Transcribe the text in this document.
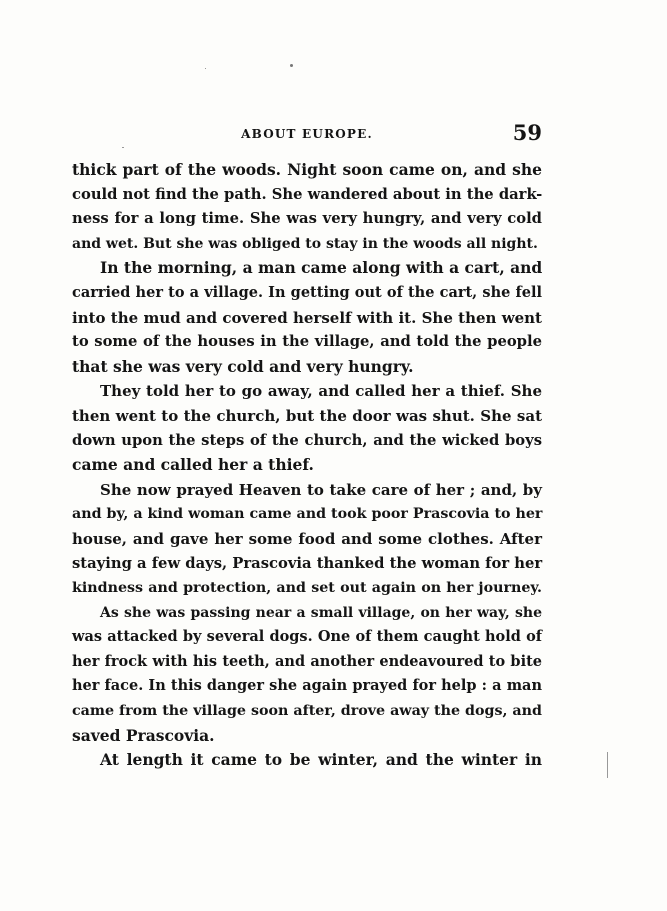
ABOUT EUROPE.	59
thick part of the woods. Night soon came on, and she
could not find the path. She wandered about in the dark-
ness for a long time. She was very hungry, and very cold
and wet. But she was obliged to stay in the woods all night.
In the morning, a man came along with a cart, and
carried her to a village. In getting out of the cart, she fell
into the mud and covered herself with it. She then went
to some of the houses in the village, and told the people
that she was very cold and very hungry.
They told her to go away, and called her a thief. She
then went to the church, but the door was shut. She sat
down upon the steps of the church, and the wicked boys
came and called her a thief.
She now prayed Heaven to take care of her ; and, by
and by, a kind woman came and took poor Prascovia to her
house, and gave her some food and some clothes. After
staying a few days, Prascovia thanked the woman for her
kindness and protection, and set out again on her journey.
As she was passing near a small village, on her way, she
was attacked by several dogs. One of them caught hold of
her frock with his teeth, and another endeavoured to bite
her face. In this danger she again prayed for help : a man
came from the village soon after, drove away the dogs, and
saved Prascovia.
At length it came to be winter, and the winter in
